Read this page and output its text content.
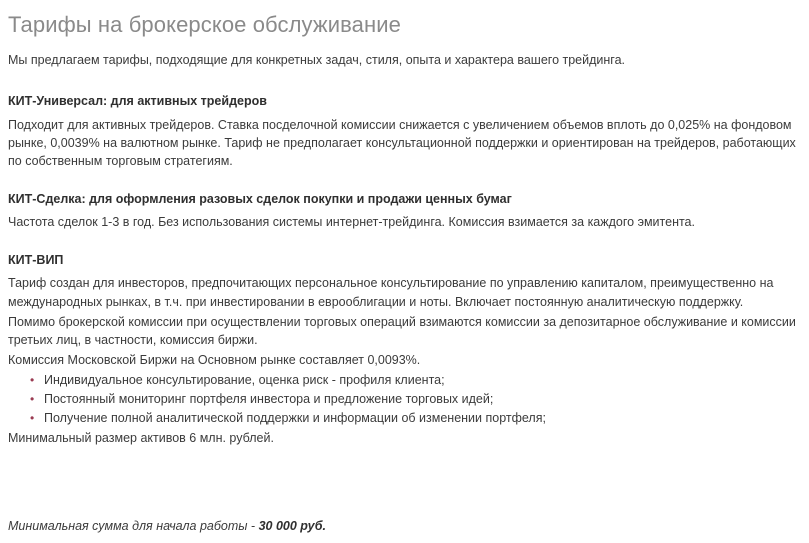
Тарифы на брокерское обслуживание

Мы предлагаем тарифы, подходящие для конкретных задач, стиля, опыта и характера вашего трейдинга.

КИТ-Универсал: для активных трейдеров

Подходит для активных трейдеров. Ставка посделочной комиссии снижается с увеличением объемов вплоть до 0,025% на фондовом рынке, 0,0039% на валютном рынке. Тариф не предполагает консультационной поддержки и ориентирован на трейдеров, работающих по собственным торговым стратегиям.

КИТ-Сделка: для оформления разовых сделок покупки и продажи ценных бумаг

Частота сделок 1-3 в год. Без использования системы интернет-трейдинга. Комиссия взимается за каждого эмитента.

КИТ-ВИП

Тариф создан для инвесторов, предпочитающих персональное консультирование по управлению капиталом, преимущественно на международных рынках, в т.ч. при инвестировании в еврооблигации и ноты. Включает постоянную аналитическую поддержку.

Помимо брокерской комиссии при осуществлении торговых операций взимаются комиссии за депозитарное обслуживание и комиссии третьих лиц, в частности, комиссия биржи.

Комиссия Московской Биржи на Основном рынке составляет 0,0093%.

• Индивидуальное консультирование, оценка риск - профиля клиента;
• Постоянный мониторинг портфеля инвестора и предложение торговых идей;
• Получение полной аналитической поддержки и информации об изменении портфеля;

Минимальный размер активов 6 млн. рублей.

Минимальная сумма для начала работы - 30 000 руб.
